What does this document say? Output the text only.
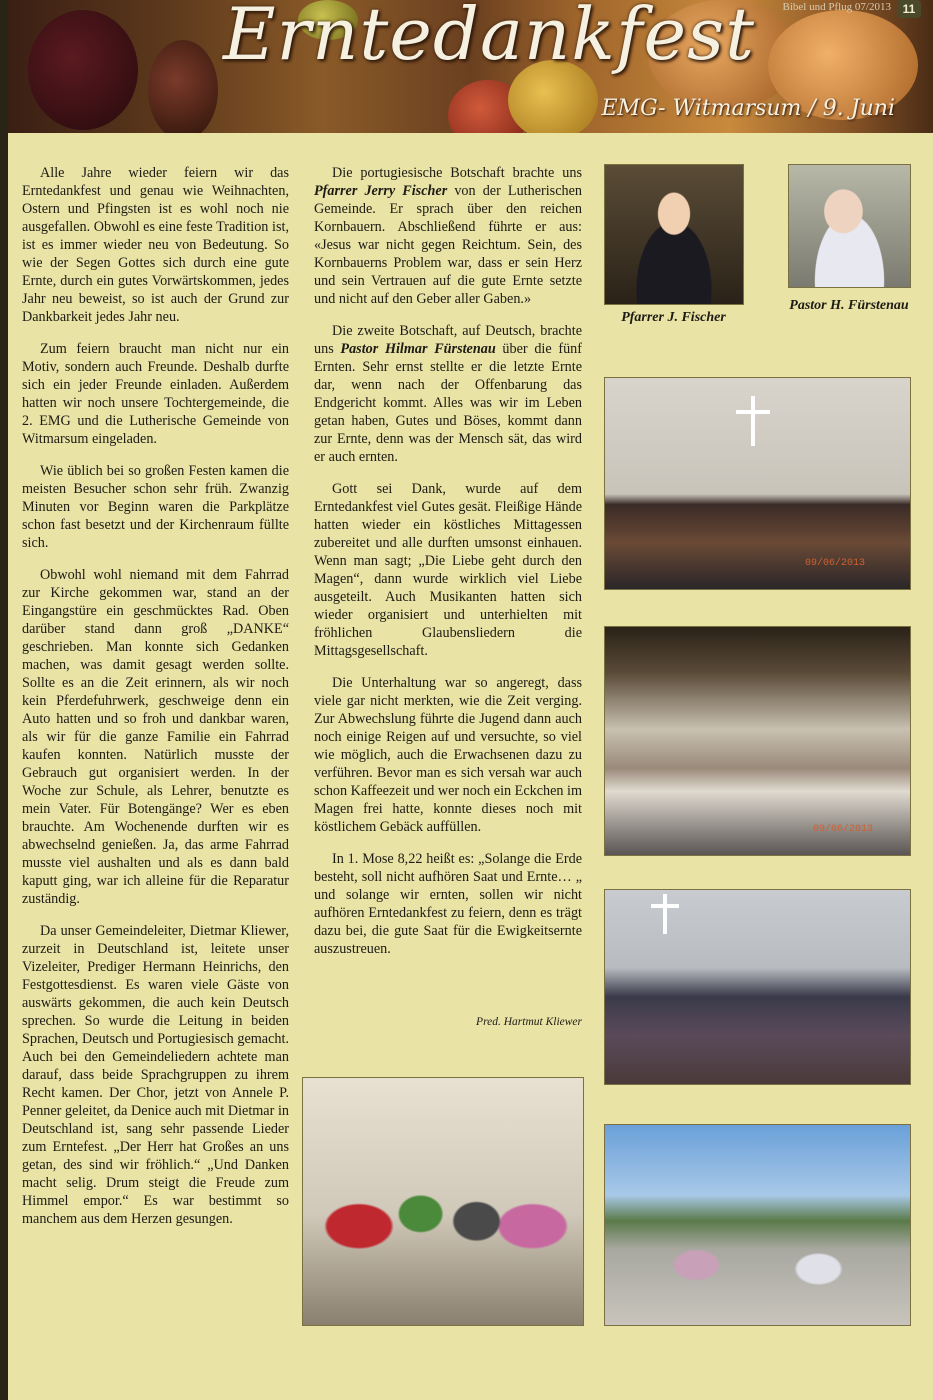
Erntedankfest
EMG- Witmarsum / 9. Juni
Bibel und Pflug 07/2013 11

Alle Jahre wieder feiern wir das Erntedankfest und genau wie Weihnachten, Ostern und Pfingsten ist es wohl noch nie ausgefallen. Obwohl es eine feste Tradition ist, ist es immer wieder neu von Bedeutung. So wie der Segen Gottes sich durch eine gute Ernte, durch ein gutes Vorwärtskommen, jedes Jahr neu beweist, so ist auch der Grund zur Dankbarkeit jedes Jahr neu.

Zum feiern braucht man nicht nur ein Motiv, sondern auch Freunde. Deshalb durfte sich ein jeder Freunde einladen. Außerdem hatten wir noch unsere Tochtergemeinde, die 2. EMG und die Lutherische Gemeinde von Witmarsum eingeladen.

Wie üblich bei so großen Festen kamen die meisten Besucher schon sehr früh. Zwanzig Minuten vor Beginn waren die Parkplätze schon fast besetzt und der Kirchenraum füllte sich.

Obwohl wohl niemand mit dem Fahrrad zur Kirche gekommen war, stand an der Eingangstüre ein geschmücktes Rad. Oben darüber stand dann groß „DANKE“ geschrieben. Man konnte sich Gedanken machen, was damit gesagt werden sollte. Sollte es an die Zeit erinnern, als wir noch kein Pferdefuhrwerk, geschweige denn ein Auto hatten und so froh und dankbar waren, als wir für die ganze Familie ein Fahrrad kaufen konnten. Natürlich musste der Gebrauch gut organisiert werden. In der Woche zur Schule, als Lehrer, benutzte es mein Vater. Für Botengänge? Wer es eben brauchte. Am Wochenende durften wir es abwechselnd genießen. Ja, das arme Fahrrad musste viel aushalten und als es dann bald kaputt ging, war ich alleine für die Reparatur zuständig.

Da unser Gemeindeleiter, Dietmar Kliewer, zurzeit in Deutschland ist, leitete unser Vizeleiter, Prediger Hermann Heinrichs, den Festgottesdienst. Es waren viele Gäste von auswärts gekommen, die auch kein Deutsch sprechen. So wurde die Leitung in beiden Sprachen, Deutsch und Portugiesisch gemacht. Auch bei den Gemeindeliedern achtete man darauf, dass beide Sprachgruppen zu ihrem Recht kamen. Der Chor, jetzt von Annele P. Penner geleitet, da Denice auch mit Dietmar in Deutschland ist, sang sehr passende Lieder zum Erntefest. „Der Herr hat Großes an uns getan, des sind wir fröhlich.“ „Und Danken macht selig. Drum steigt die Freude zum Himmel empor.“ Es war bestimmt so manchem aus dem Herzen gesungen.

Die portugiesische Botschaft brachte uns Pfarrer Jerry Fischer von der Lutherischen Gemeinde. Er sprach über den reichen Kornbauern. Abschließend führte er aus: «Jesus war nicht gegen Reichtum. Sein, des Kornbauerns Problem war, dass er sein Herz und sein Vertrauen auf die gute Ernte setzte und nicht auf den Geber aller Gaben.»

Die zweite Botschaft, auf Deutsch, brachte uns Pastor Hilmar Fürstenau über die fünf Ernten. Sehr ernst stellte er die letzte Ernte dar, wenn nach der Offenbarung das Endgericht kommt. Alles was wir im Leben getan haben, Gutes und Böses, kommt dann zur Ernte, denn was der Mensch sät, das wird er auch ernten.

Gott sei Dank, wurde auf dem Erntedankfest viel Gutes gesät. Fleißige Hände hatten wieder ein köstliches Mittagessen zubereitet und alle durften umsonst einhauen. Wenn man sagt; „Die Liebe geht durch den Magen“, dann wurde wirklich viel Liebe ausgeteilt. Auch Musikanten hatten sich wieder organisiert und unterhielten mit fröhlichen Glaubensliedern die Mittagsgesellschaft.

Die Unterhaltung war so angeregt, dass viele gar nicht merkten, wie die Zeit verging. Zur Abwechslung führte die Jugend dann auch noch einige Reigen auf und versuchte, so viel wie möglich, auch die Erwachsenen dazu zu verführen. Bevor man es sich versah war auch schon Kaffeezeit und wer noch ein Eckchen im Magen frei hatte, konnte dieses noch mit köstlichem Gebäck auffüllen.

In 1. Mose 8,22 heißt es: „Solange die Erde besteht, soll nicht aufhören Saat und Ernte… „ und solange wir ernten, sollen wir nicht aufhören Erntedankfest zu feiern, denn es trägt dazu bei, die gute Saat für die Ewigkeitsernte auszustreuen.

Pred. Hartmut Kliewer
Pfarrer J. Fischer
Pastor H. Fürstenau
09/06/2013
09/06/2013
